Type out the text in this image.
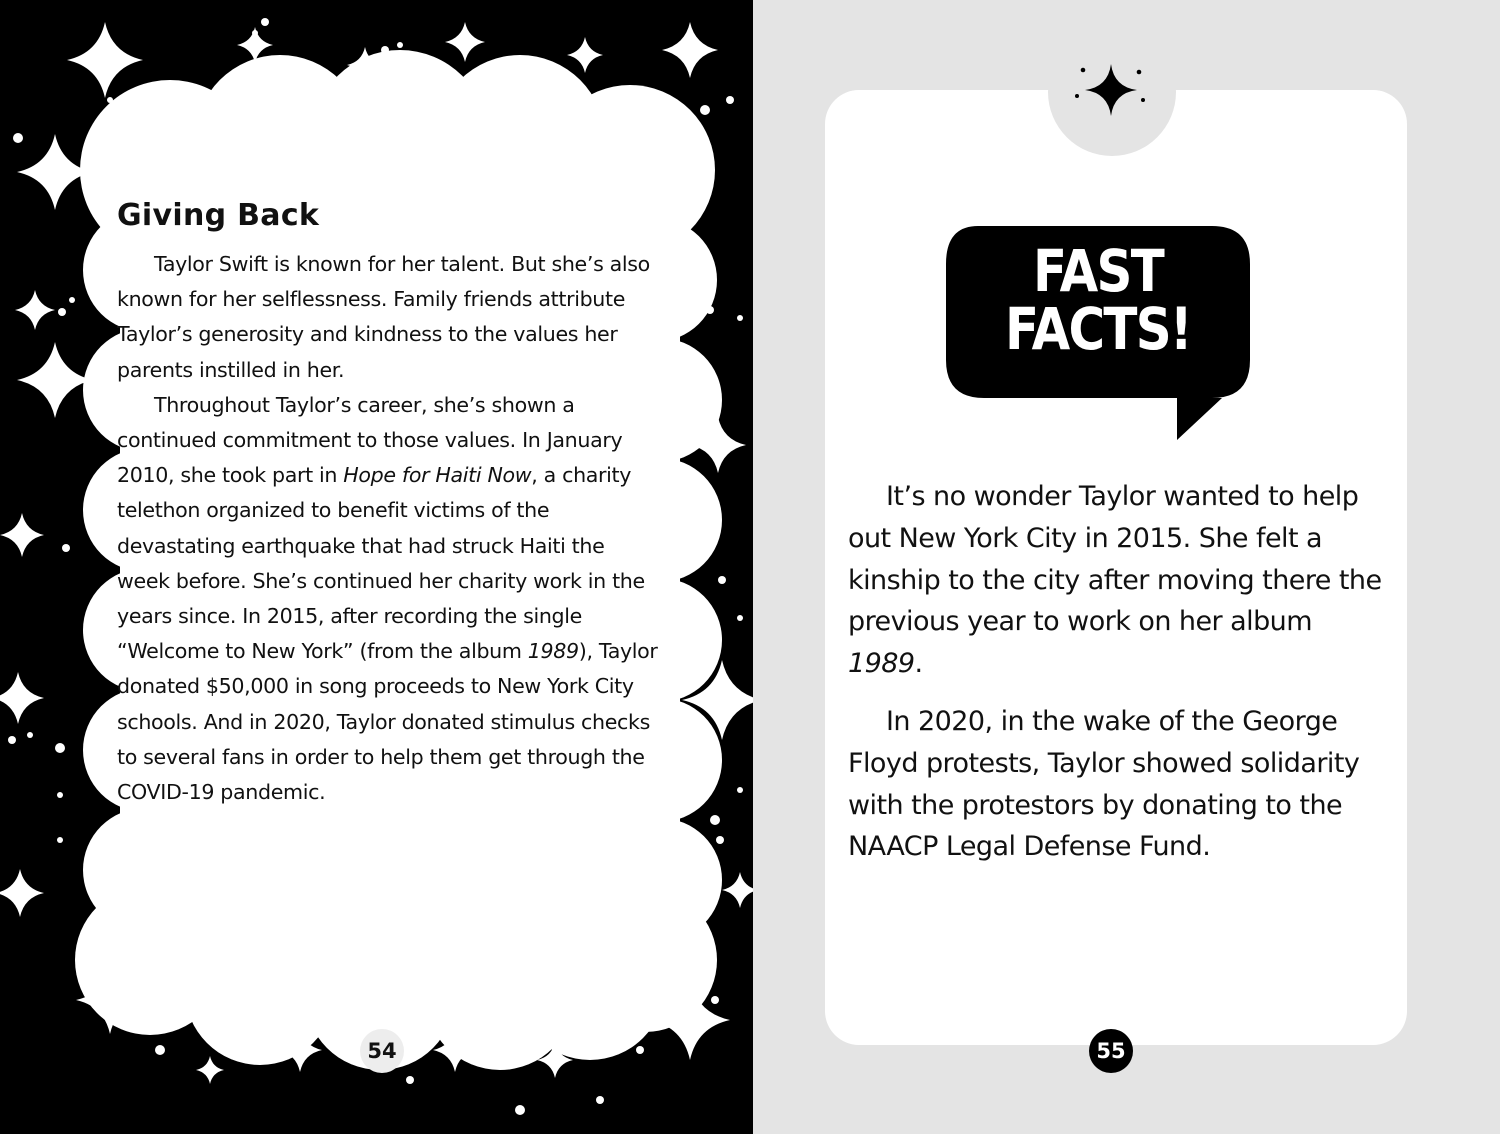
Giving Back

Taylor Swift is known for her talent. But she’s also known for her selflessness. Family friends attribute Taylor’s generosity and kindness to the values her parents instilled in her.

Throughout Taylor’s career, she’s shown a continued commitment to those values. In January 2010, she took part in Hope for Haiti Now, a charity telethon organized to benefit victims of the devastating earthquake that had struck Haiti the week before. She’s continued her charity work in the years since. In 2015, after recording the single “Welcome to New York” (from the album 1989), Taylor donated $50,000 in song proceeds to New York City schools. And in 2020, Taylor donated stimulus checks to several fans in order to help them get through the COVID-19 pandemic.

54
FAST
FACTS!

It’s no wonder Taylor wanted to help out New York City in 2015. She felt a kinship to the city after moving there the previous year to work on her album 1989.

In 2020, in the wake of the George Floyd protests, Taylor showed solidarity with the protestors by donating to the NAACP Legal Defense Fund.

55
